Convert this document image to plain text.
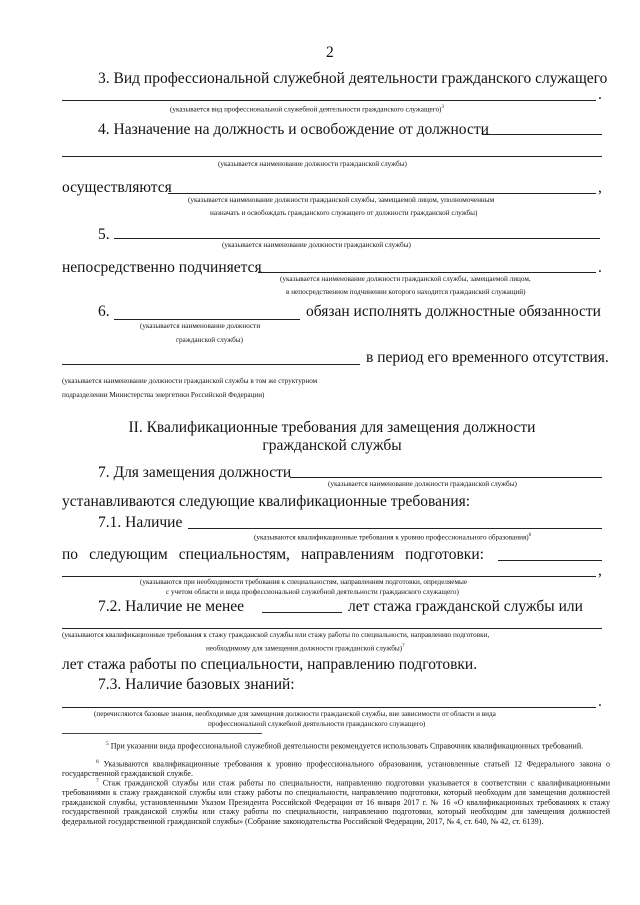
2
3. Вид профессиональной служебной деятельности гражданского служащего
.
(указывается вид профессиональной служебной деятельности гражданского служащего)$^3$
4. Назначение на должность и освобождение от должности
(указывается наименование должности гражданской службы)
осуществляются	,
(указывается наименование должности гражданской службы, замещаемой лицом, уполномоченным
назначать и освобождать гражданского служащего от должности гражданской службы)
5.
(указывается наименование должности гражданской службы)
непосредственно подчиняется	.
(указывается наименование должности гражданской службы, замещаемой лицом,
в непосредственном подчинении которого находится гражданский служащий)
6.	обязан исполнять должностные обязанности
(указывается наименование должности
гражданской службы)
в период его временного отсутствия.
(указывается наименование должности гражданской службы в том же структурном
подразделении Министерства энергетики Российской Федерации)
II. Квалификационные требования для замещения должности
гражданской службы
7. Для замещения должности
(указывается наименование должности гражданской службы)
устанавливаются следующие квалификационные требования:
7.1. Наличие
(указываются квалификационные требования к уровню профессионального образования)$^6$
по следующим специальностям, направлениям подготовки:
,
(указываются при необходимости требования к специальностям, направлениям подготовки, определяемые
с учетом области и вида профессиональной служебной деятельности гражданского служащего)
7.2. Наличие не менее	лет стажа гражданской службы или
(указываются квалификационные требования к стажу гражданской службы или стажу работы по специальности, направлению подготовки,
необходимому для замещения должности гражданской службы)$^7$
лет стажа работы по специальности, направлению подготовки.
7.3. Наличие базовых знаний:
.
(перечисляются базовые знания, необходимые для замещения должности гражданской службы, вне зависимости от области и вида
профессиональной служебной деятельности гражданского служащего)
$^5$ При указании вида профессиональной служебной деятельности рекомендуется использовать Справочник квалификационных требований.
$^6$ Указываются квалификационные требования к уровню профессионального образования, установленные статьей 12 Федерального закона о государственной гражданской службе.
$^7$ Стаж гражданской службы или стаж работы по специальности, направлению подготовки указывается в соответствии с квалификационными требованиями к стажу гражданской службы или стажу работы по специальности, направлению подготовки, который необходим для замещения должностей гражданской службы, установленными Указом Президента Российской Федерации от 16 января 2017 г. № 16 «О квалификационных требованиях к стажу государственной гражданской службы или стажу работы по специальности, направлению подготовки, который необходим для замещения должностей федеральной государственной гражданской службы» (Собрание законодательства Российской Федерации, 2017, № 4, ст. 640, № 42, ст. 6139).
